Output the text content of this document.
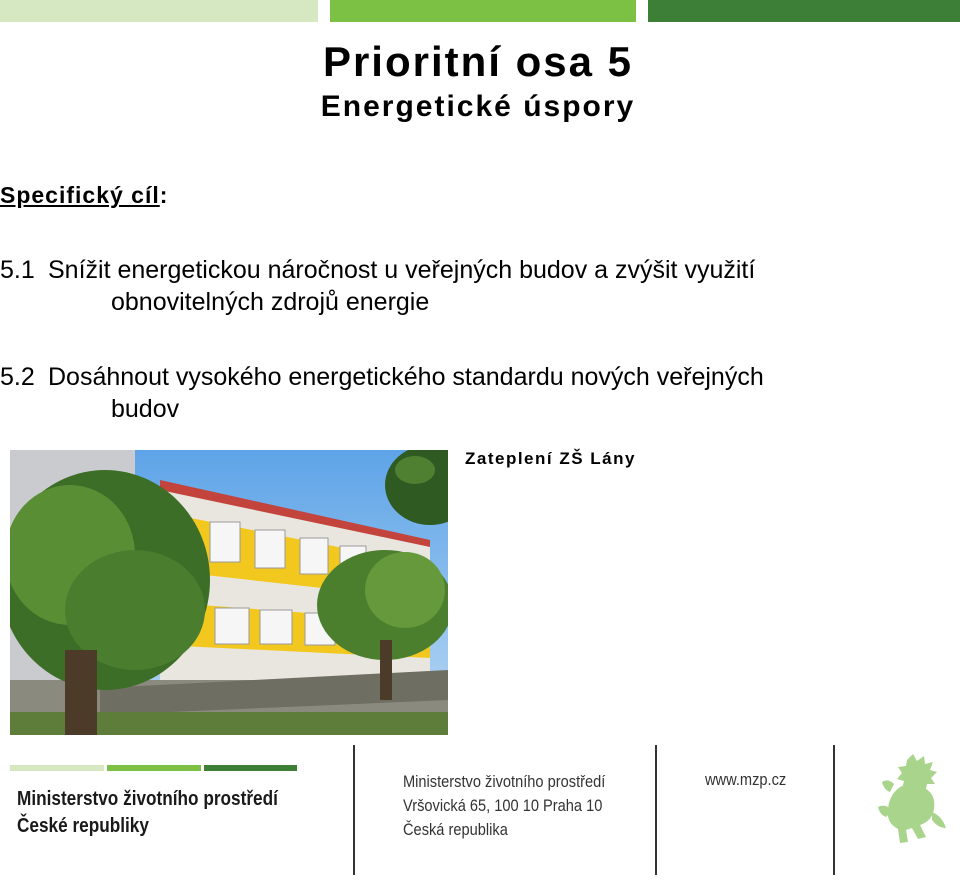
Prioritní osa 5
Energetické úspory
Specifický cíl:
5.1 Snížit energetickou náročnost u veřejných budov a zvýšit využití
obnovitelných zdrojů energie
5.2 Dosáhnout vysokého energetického standardu nových veřejných
budov
Zateplení ZŠ Lány
Ministerstvo životního prostředí
České republiky
Ministerstvo životního prostředí
Vršovická 65, 100 10 Praha 10
Česká republika
www.mzp.cz
